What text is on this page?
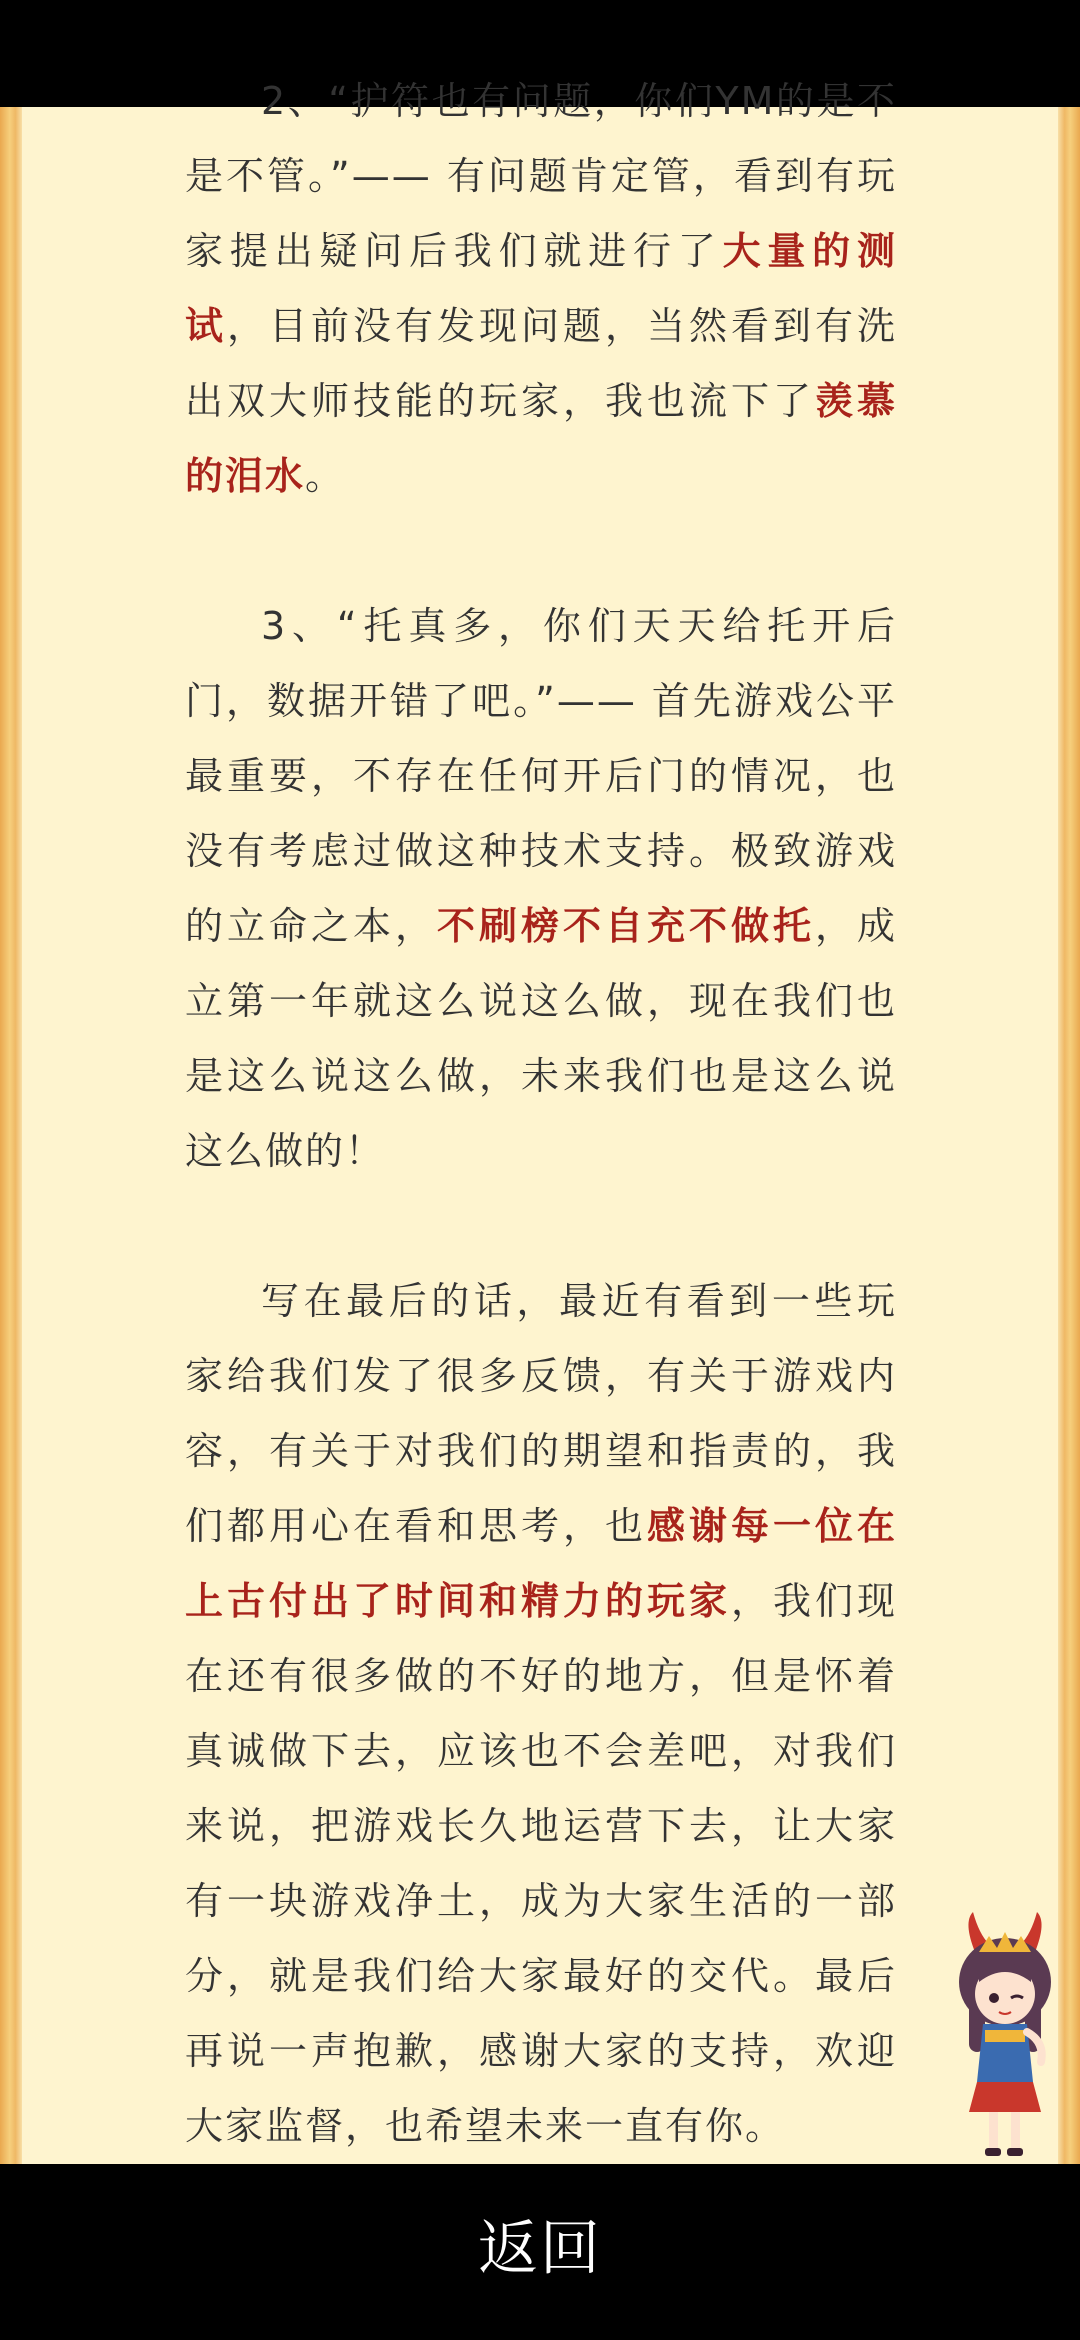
2、“护符也有问题，你们YM的是不是不管。”—— 有问题肯定管，看到有玩家提出疑问后我们就进行了大量的测试，目前没有发现问题，当然看到有洗出双大师技能的玩家，我也流下了羡慕的泪水。

3、“托真多，你们天天给托开后门，数据开错了吧。”—— 首先游戏公平最重要，不存在任何开后门的情况，也没有考虑过做这种技术支持。极致游戏的立命之本，不刷榜不自充不做托，成立第一年就这么说这么做，现在我们也是这么说这么做，未来我们也是这么说这么做的！

写在最后的话，最近有看到一些玩家给我们发了很多反馈，有关于游戏内容，有关于对我们的期望和指责的，我们都用心在看和思考，也感谢每一位在上古付出了时间和精力的玩家，我们现在还有很多做的不好的地方，但是怀着真诚做下去，应该也不会差吧，对我们来说，把游戏长久地运营下去，让大家有一块游戏净土，成为大家生活的一部分，就是我们给大家最好的交代。最后再说一声抱歉，感谢大家的支持，欢迎大家监督，也希望未来一直有你。

返回
